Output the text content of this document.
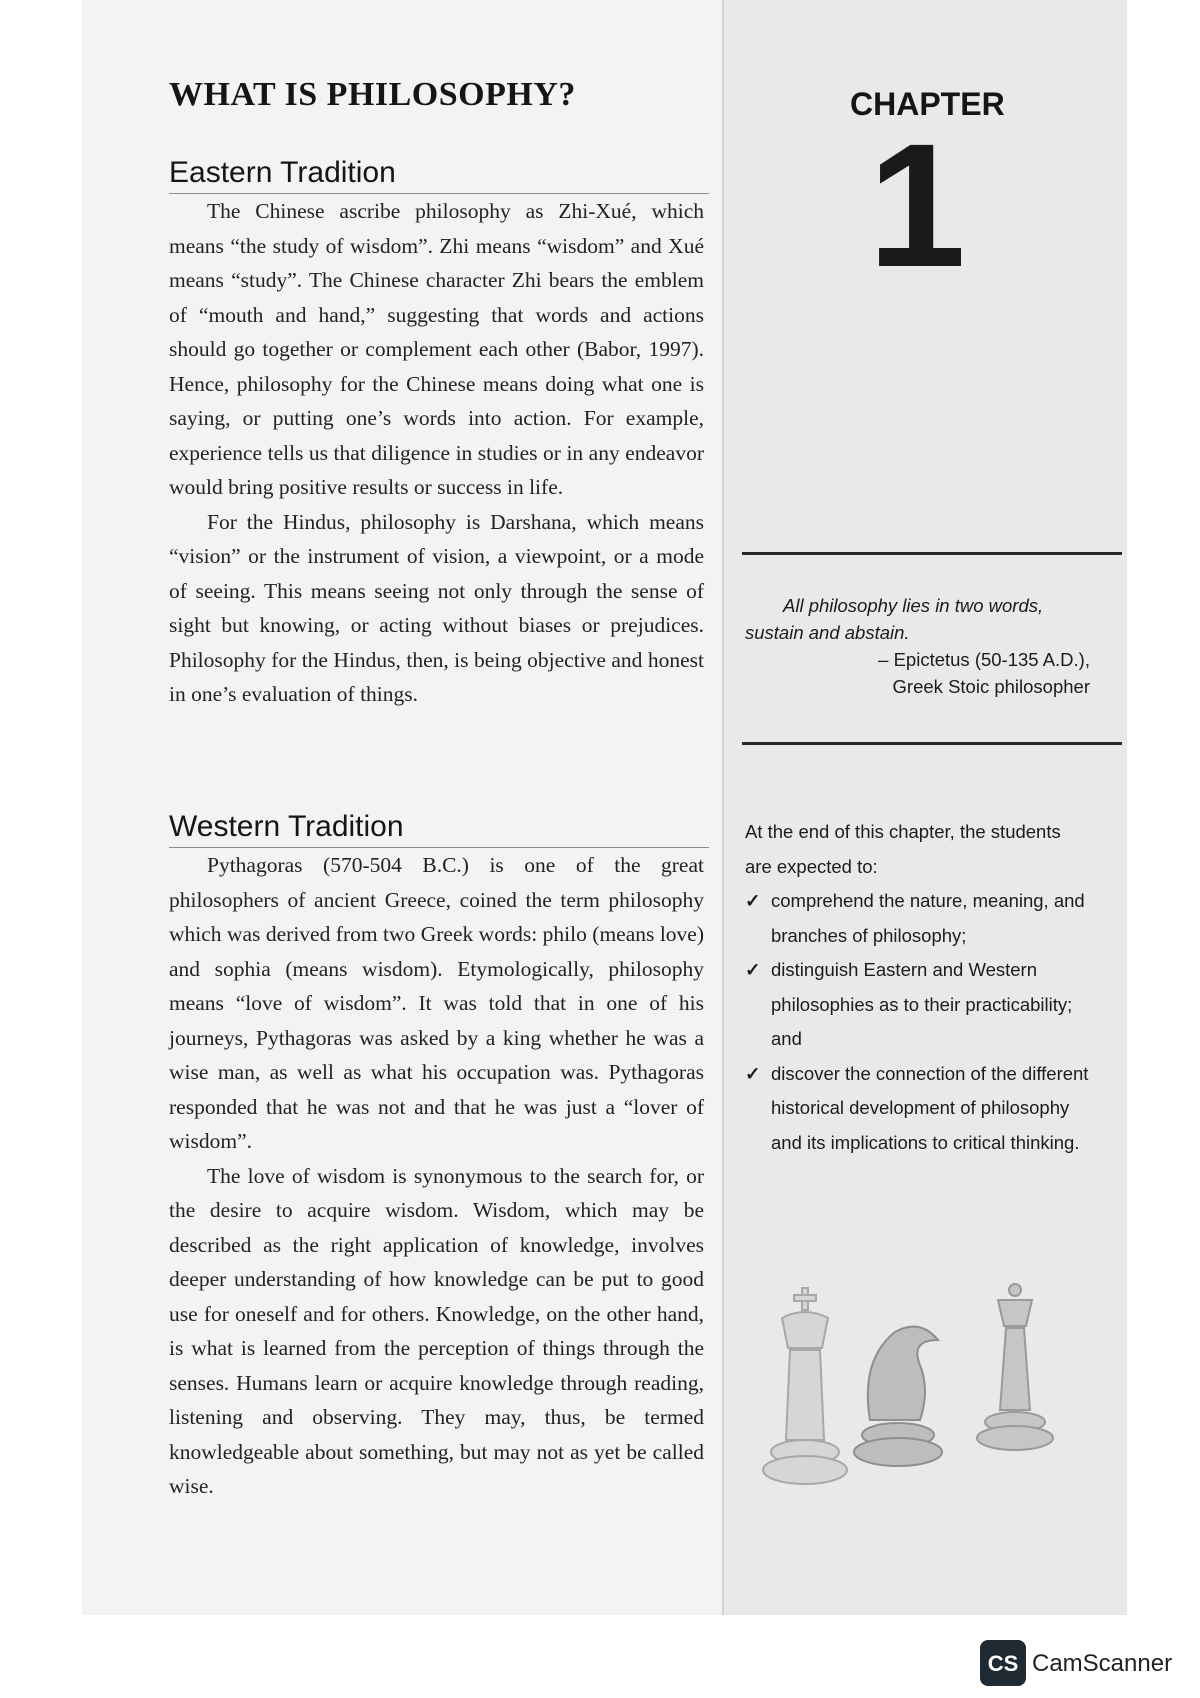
WHAT IS PHILOSOPHY?	CHAPTER
1
Eastern Tradition

The Chinese ascribe philosophy as Zhi-Xué, which means “the study of wisdom”. Zhi means “wisdom” and Xué means “study”. The Chinese character Zhi bears the emblem of “mouth and hand,” suggesting that words and actions should go together or complement each other (Babor, 1997). Hence, philosophy for the Chinese means doing what one is saying, or putting one’s words into action. For example, experience tells us that diligence in studies or in any endeavor would bring positive results or success in life.

For the Hindus, philosophy is Darshana, which means “vision” or the instrument of vision, a viewpoint, or a mode of seeing. This means seeing not only through the sense of sight but knowing, or acting without biases or prejudices. Philosophy for the Hindus, then, is being objective and honest in one’s evaluation of things.

Western Tradition

Pythagoras (570-504 B.C.) is one of the great philosophers of ancient Greece, coined the term philosophy which was derived from two Greek words: philo (means love) and sophia (means wisdom). Etymologically, philosophy means “love of wisdom”. It was told that in one of his journeys, Pythagoras was asked by a king whether he was a wise man, as well as what his occupation was. Pythagoras responded that he was not and that he was just a “lover of wisdom”.

The love of wisdom is synonymous to the search for, or the desire to acquire wisdom. Wisdom, which may be described as the right application of knowledge, involves deeper understanding of how knowledge can be put to good use for oneself and for others. Knowledge, on the other hand, is what is learned from the perception of things through the senses. Humans learn or acquire knowledge through reading, listening and observing. They may, thus, be termed knowledgeable about something, but may not as yet be called wise.

All philosophy lies in two words, sustain and abstain.
– Epictetus (50-135 A.D.),
Greek Stoic philosopher
At the end of this chapter, the students are expected to:
✓ comprehend the nature, meaning, and branches of philosophy;
✓ distinguish Eastern and Western philosophies as to their practicability; and
✓ discover the connection of the different historical development of philosophy and its implications to critical thinking.
CS CamScanner
